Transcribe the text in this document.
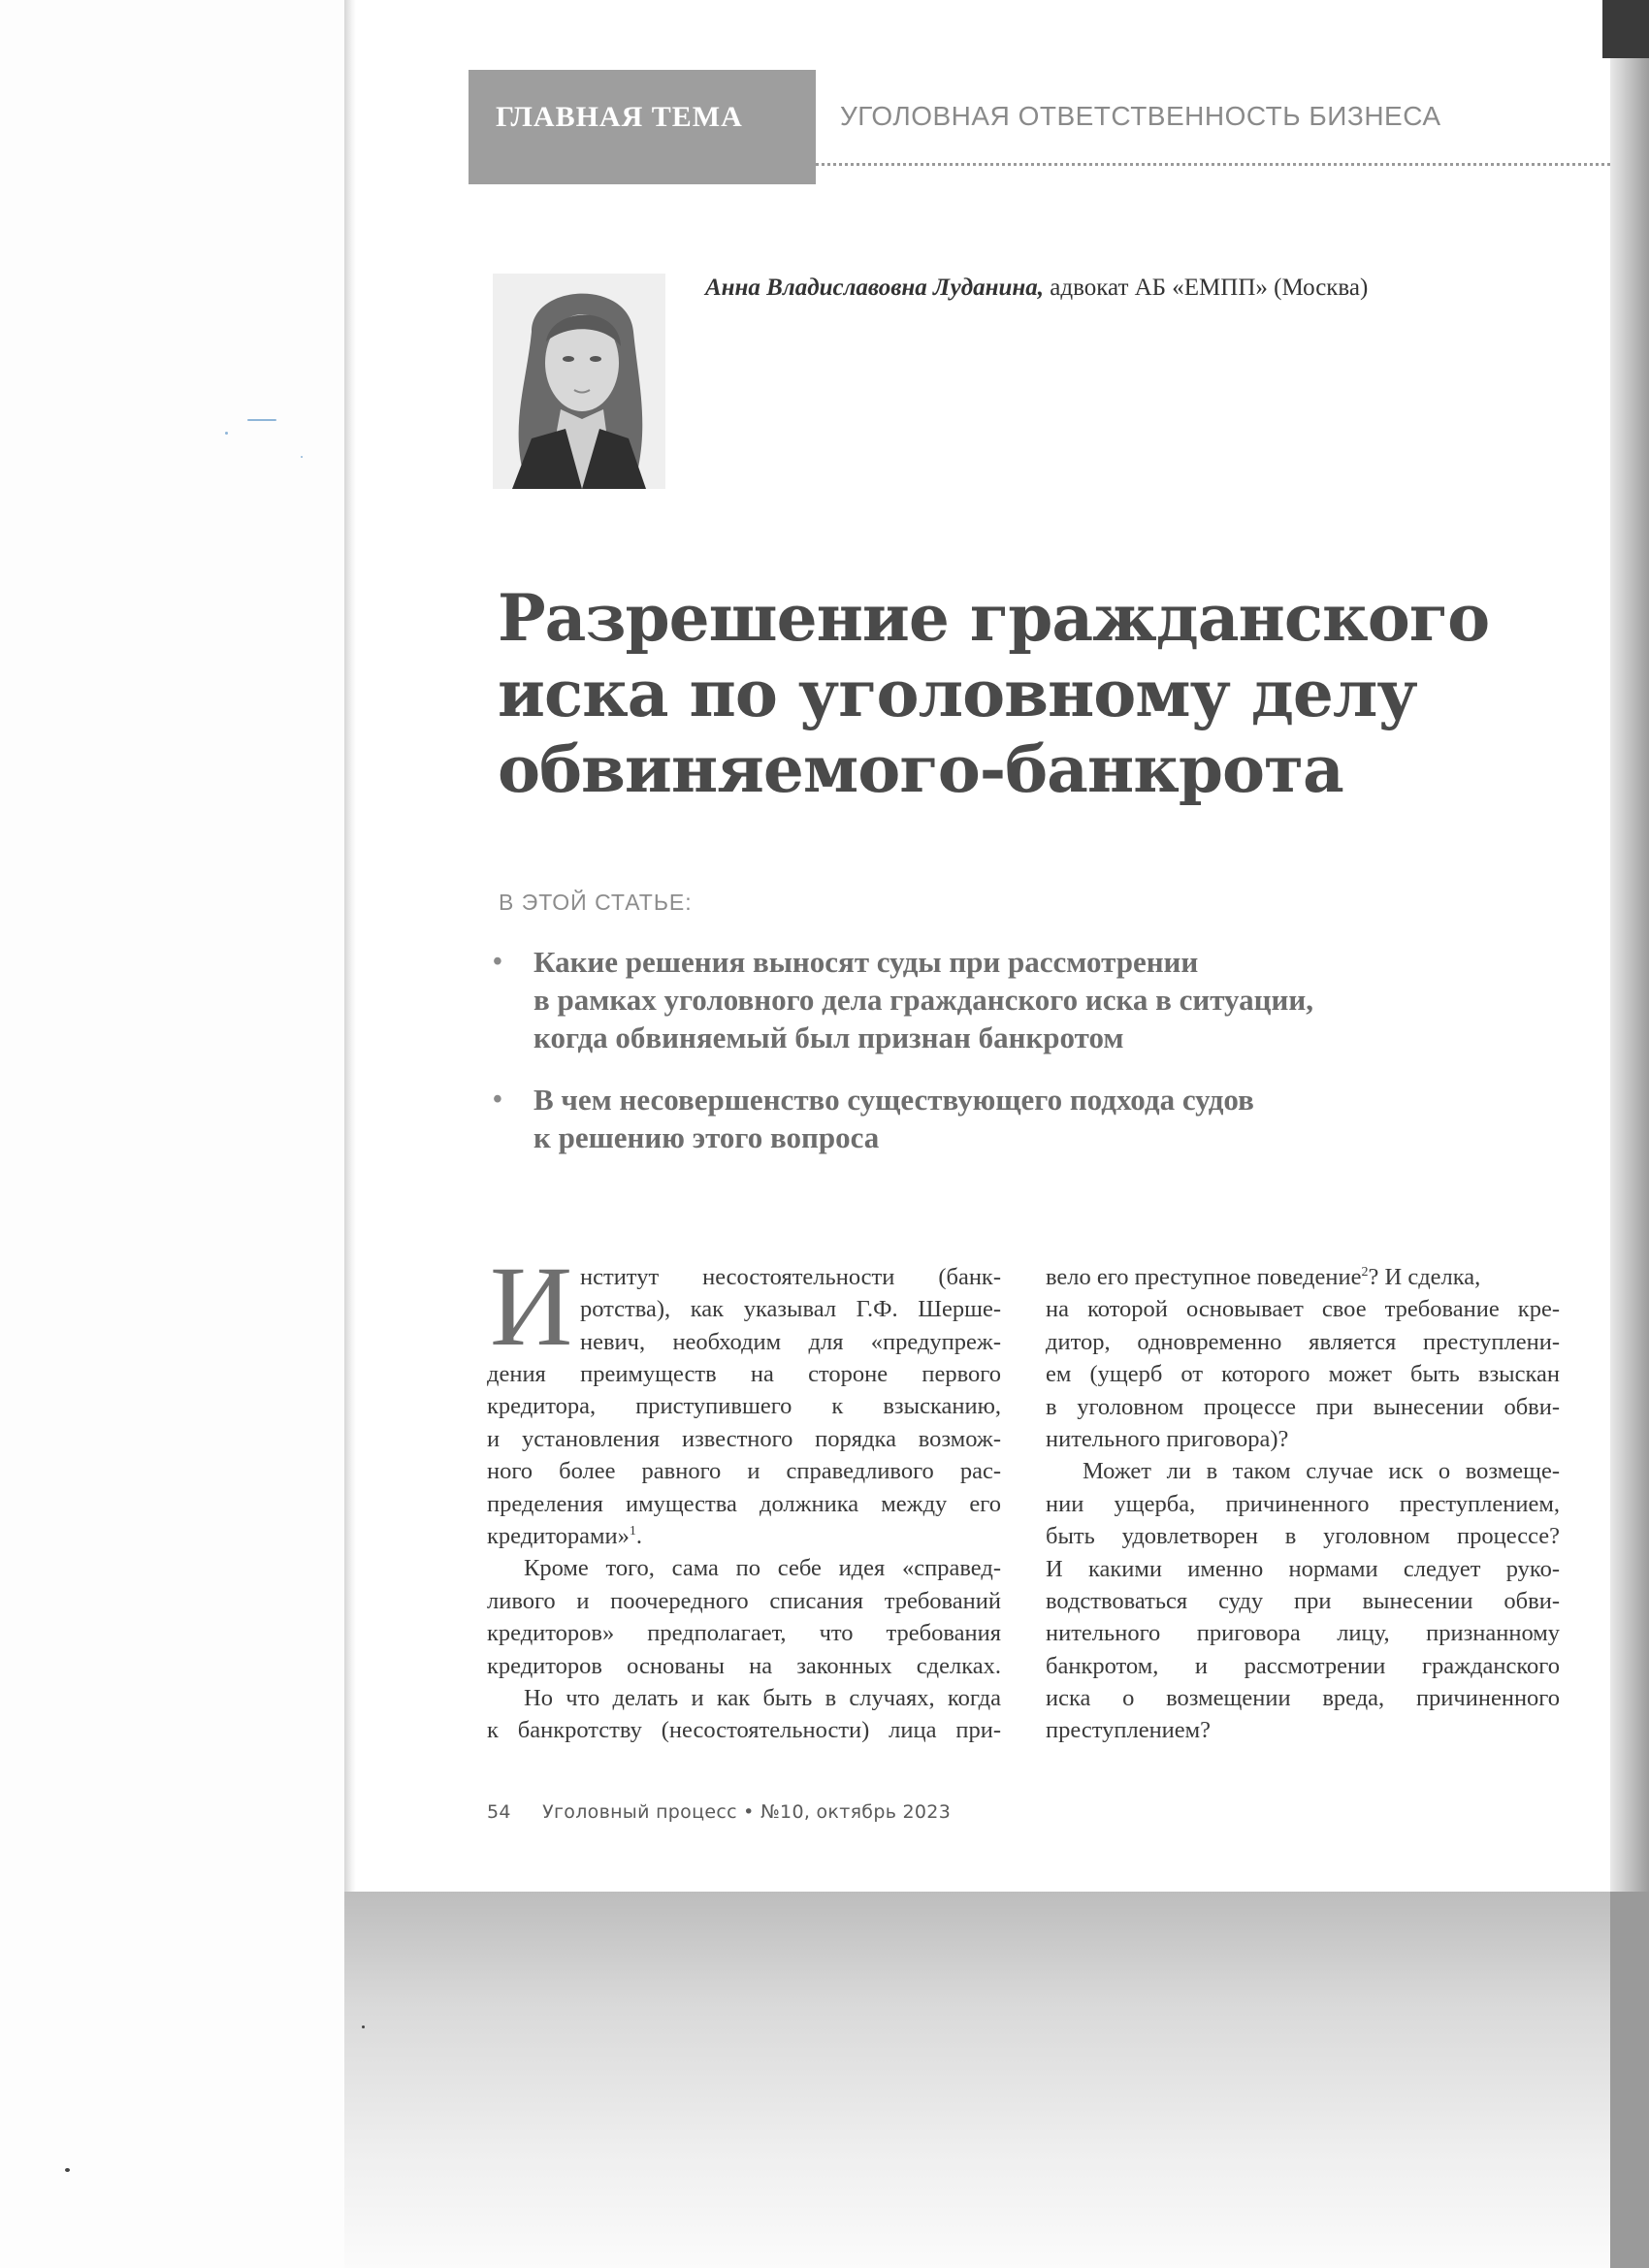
ГЛАВНАЯ ТЕМА	УГОЛОВНАЯ ОТВЕТСТВЕННОСТЬ БИЗНЕСА
Анна Владиславовна Луданина, адвокат АБ «ЕМПП» (Москва)
Разрешение гражданского
иска по уголовному делу
обвиняемого-банкрота
В ЭТОЙ СТАТЬЕ:
• Какие решения выносят суды при рассмотрении
в рамках уголовного дела гражданского иска в ситуации,
когда обвиняемый был признан банкротом
• В чем несовершенство существующего подхода судов
к решению этого вопроса
И нститут несостоятельности (банк-
ротства), как указывал Г.Ф. Шерше-
невич, необходим для «предупреж-
дения преимуществ на стороне первого
кредитора, приступившего к взысканию,
и установления известного порядка возмож-
ного более равного и справедливого рас-
пределения имущества должника между его
кредиторами»$^1$.
Кроме того, сама по себе идея «справед-
ливого и поочередного списания требований
кредиторов» предполагает, что требования
кредиторов основаны на законных сделках.
Но что делать и как быть в случаях, когда
к банкротству (несостоятельности) лица при-
вело его преступное поведение$^2$? И сделка,
на которой основывает свое требование кре-
дитор, одновременно является преступлени-
ем (ущерб от которого может быть взыскан
в уголовном процессе при вынесении обви-
нительного приговора)?
Может ли в таком случае иск о возмеще-
нии ущерба, причиненного преступлением,
быть удовлетворен в уголовном процессе?
И какими именно нормами следует руко-
водствоваться суду при вынесении обви-
нительного приговора лицу, признанному
банкротом, и рассмотрении гражданского
иска о возмещении вреда, причиненного
преступлением?
54 Уголовный процесс • №10, октябрь 2023
